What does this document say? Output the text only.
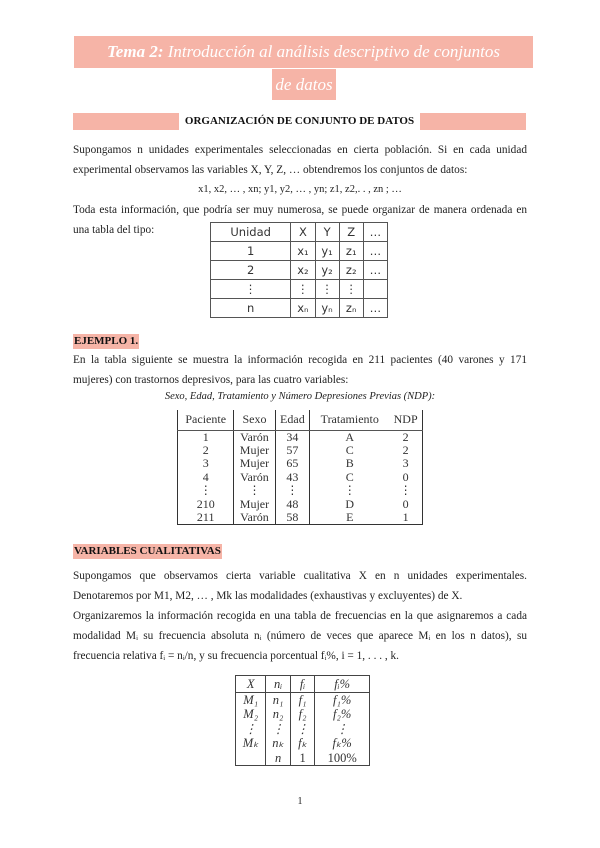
Tema 2: Introducción al análisis descriptivo de conjuntos
de datos
ORGANIZACIÓN DE CONJUNTO DE DATOS

Supongamos n unidades experimentales seleccionadas en cierta población. Si en cada unidad experimental observamos las variables X, Y, Z, … obtendremos los conjuntos de datos:

x1, x2, … , xn; y1, y2, … , yn; z1, z2,. . , zn ; …

Toda esta información, que podría ser muy numerosa, se puede organizar de manera ordenada en una tabla del tipo:	Unidad	X	Y	Z	…
1	x₁	y₁	z₁	…
2	x₂	y₂	z₂	…
⋮	⋮	⋮	⋮	
n	xₙ	yₙ	zₙ	…
EJEMPLO 1.

En la tabla siguiente se muestra la información recogida en 211 pacientes (40 varones y 171 mujeres) con trastornos depresivos, para las cuatro variables:

Sexo, Edad, Tratamiento y Número Depresiones Previas (NDP):

Paciente	Sexo	Edad	Tratamiento	NDP
1	Varón	34	A	2
2	Mujer	57	C	2
3	Mujer	65	B	3
4	Varón	43	C	0
⋮	⋮	⋮	⋮	⋮
210	Mujer	48	D	0
211	Varón	58	E	1
VARIABLES CUALITATIVAS

Supongamos que observamos cierta variable cualitativa X en n unidades experimentales. Denotaremos por M1, M2, … , Mk las modalidades (exhaustivas y excluyentes) de X.

Organizaremos la información recogida en una tabla de frecuencias en la que asignaremos a cada modalidad Mᵢ su frecuencia absoluta nᵢ (número de veces que aparece Mᵢ en los n datos), su frecuencia relativa fᵢ = nᵢ/n, y su frecuencia porcentual fᵢ%, i = 1, . . . , k.

X	nᵢ	fᵢ	fᵢ%
M₁	n₁	f₁	f₁%
M₂	n₂	f₂	f₂%
⋮	⋮	⋮	⋮
Mₖ	nₖ	fₖ	fₖ%
	n	1	100%
1
